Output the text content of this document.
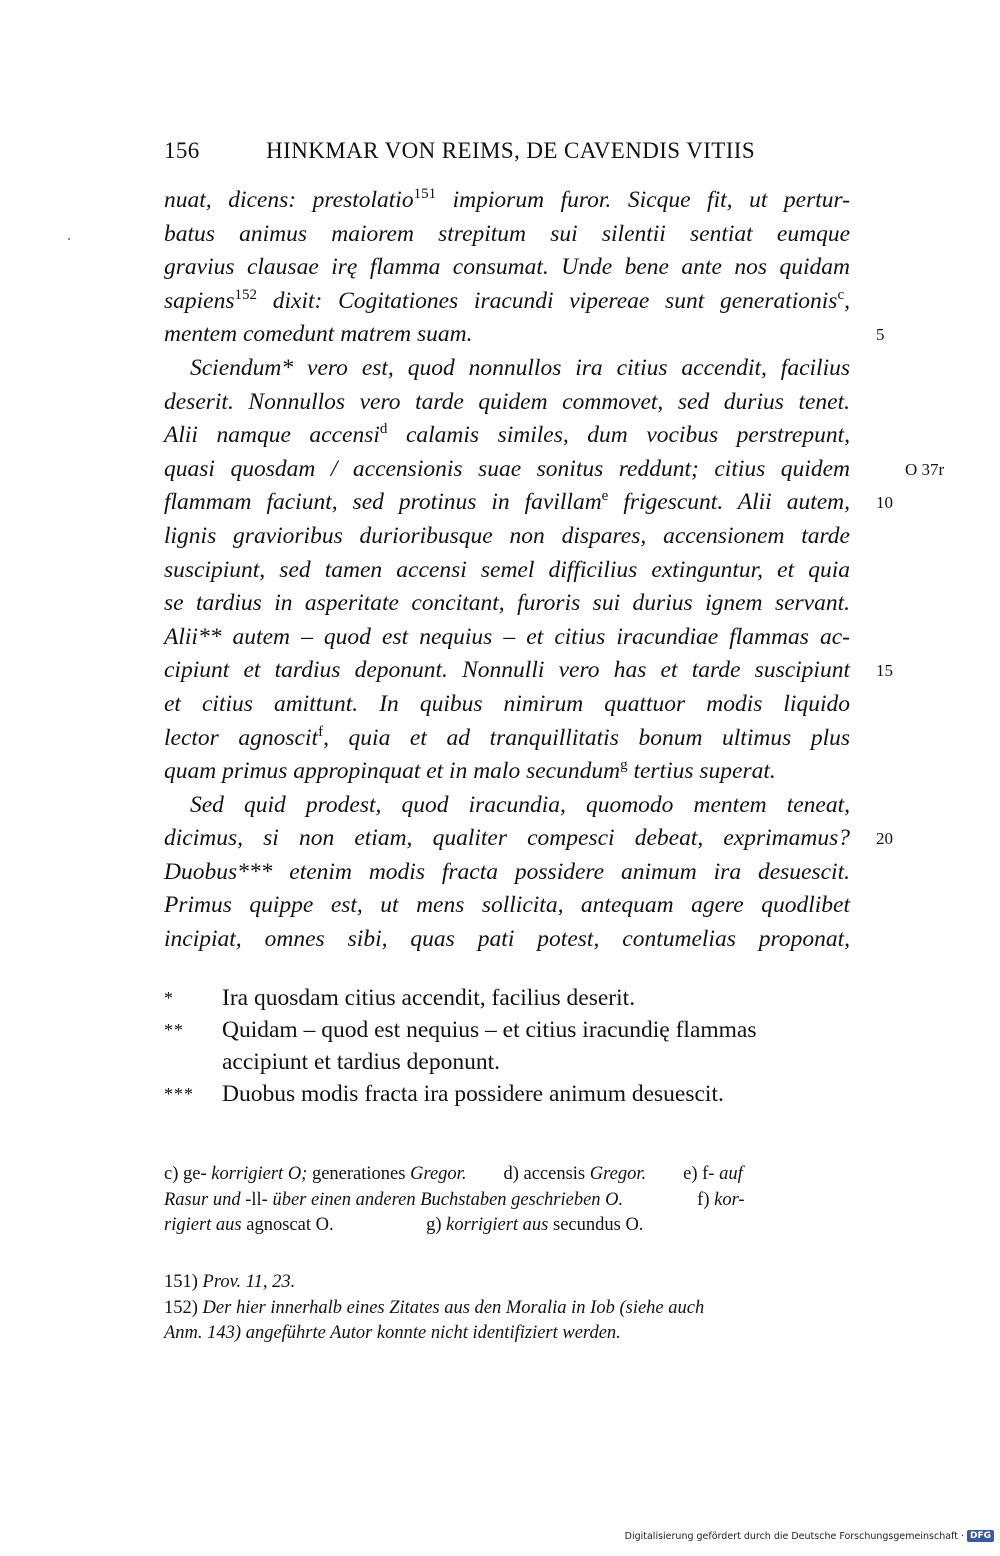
156	HINKMAR VON REIMS, DE CAVENDIS VITIIS
nuat, dicens: prestolatio$^{151}$ impiorum furor. Sicque fit, ut pertur-
batus animus maiorem strepitum sui silentii sentiat eumque
gravius clausae irę flamma consumat. Unde bene ante nos quidam
sapiens$^{152}$ dixit: Cogitationes iracundi vipereae sunt generationis$^c$,
mentem comedunt matrem suam.
Sciendum* vero est, quod nonnullos ira citius accendit, facilius
deserit. Nonnullos vero tarde quidem commovet, sed durius tenet.
Alii namque accensi$^d$ calamis similes, dum vocibus perstrepunt,
quasi quosdam / accensionis suae sonitus reddunt; citius quidem
flammam faciunt, sed protinus in favillam$^e$ frigescunt. Alii autem,
lignis gravioribus durioribusque non dispares, accensionem tarde
suscipiunt, sed tamen accensi semel difficilius extinguntur, et quia
se tardius in asperitate concitant, furoris sui durius ignem servant.
Alii** autem – quod est nequius – et citius iracundiae flammas ac-
cipiunt et tardius deponunt. Nonnulli vero has et tarde suscipiunt
et citius amittunt. In quibus nimirum quattuor modis liquido
lector agnoscit$^f$, quia et ad tranquillitatis bonum ultimus plus
quam primus appropinquat et in malo secundum$^g$ tertius superat.
Sed quid prodest, quod iracundia, quomodo mentem teneat,
dicimus, si non etiam, qualiter compesci debeat, exprimamus?
Duobus*** etenim modis fracta possidere animum ira desuescit.
Primus quippe est, ut mens sollicita, antequam agere quodlibet
incipiat, omnes sibi, quas pati potest, contumelias proponat,
5
O 37r
10
15
20
*	Ira quosdam citius accendit, facilius deserit.
**	Quidam – quod est nequius – et citius iracundię flammas
accipiunt et tardius deponunt.
***	Duobus modis fracta ira possidere animum desuescit.
c) ge- korrigiert O; generationes Gregor.  d) accensis Gregor.  e) f- auf
Rasur und -ll- über einen anderen Buchstaben geschrieben O.    f) kor-
rigiert aus agnoscat O.     g) korrigiert aus secundus O.
151) Prov. 11, 23.
152) Der hier innerhalb eines Zitates aus den Moralia in Iob (siehe auch
Anm. 143) angeführte Autor konnte nicht identifiziert werden.
Digitalisierung gefördert durch die Deutsche Forschungsgemeinschaft · DFG
